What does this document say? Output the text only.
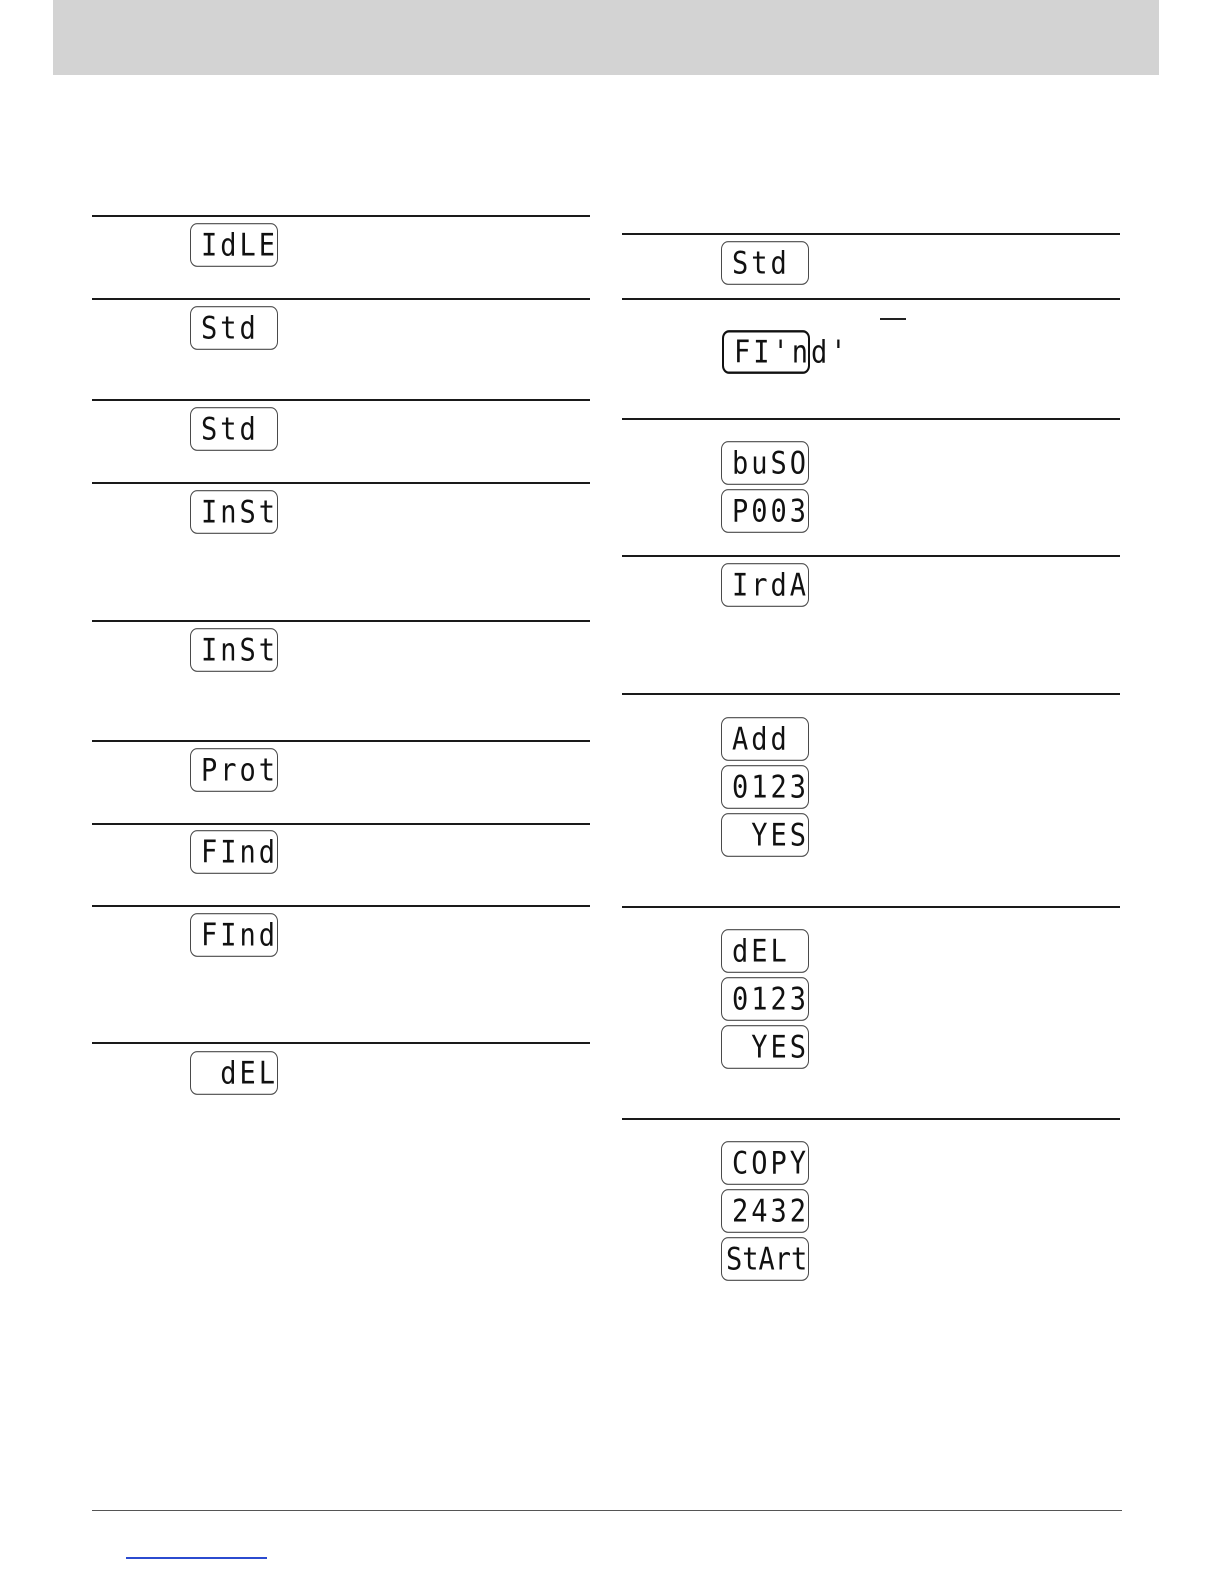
IdLE
Std
Std
InSt
InSt
Prot
FInd
FInd
dEL
Std
FI'nd'
buSO
P003
IrdA
Add
0123
YES
dEL
0123
YES
COPY
2432
StArt
